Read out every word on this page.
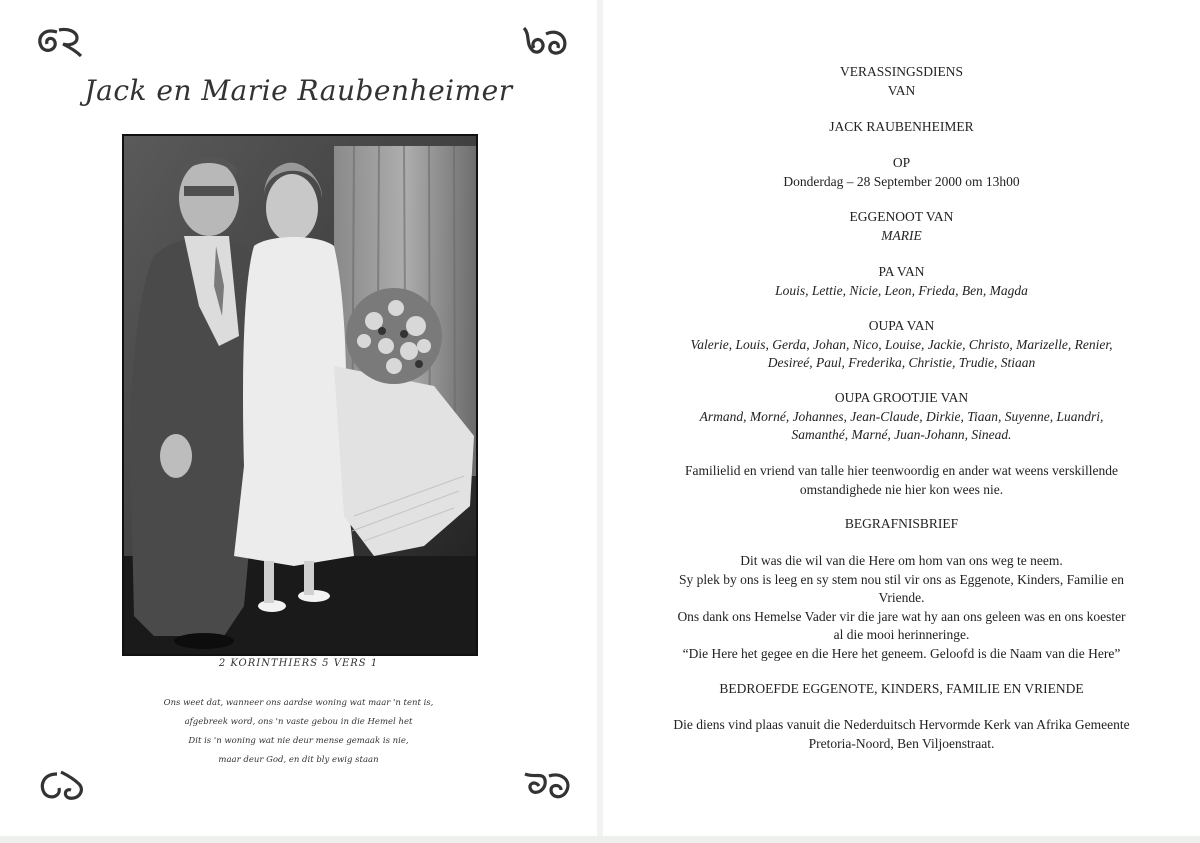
Jack en Marie Raubenheimer
2 KORINTHIERS 5 VERS 1
Ons weet dat, wanneer ons aardse woning wat maar 'n tent is,
afgebreek word, ons 'n vaste gebou in die Hemel het
Dit is 'n woning wat nie deur mense gemaak is nie,
maar deur God, en dit bly ewig staan
VERASSINGSDIENS
VAN
JACK RAUBENHEIMER
OP
Donderdag – 28 September 2000 om 13h00
EGGENOOT VAN
MARIE
PA VAN
Louis, Lettie, Nicie, Leon, Frieda, Ben, Magda
OUPA VAN
Valerie, Louis, Gerda, Johan, Nico, Louise, Jackie, Christo, Marizelle, Renier,
Desireé, Paul, Frederika, Christie, Trudie, Stiaan
OUPA GROOTJIE VAN
Armand, Morné, Johannes, Jean-Claude, Dirkie, Tiaan, Suyenne, Luandri,
Samanthé, Marné, Juan-Johann, Sinead.
Familielid en vriend van talle hier teenwoordig en ander wat weens verskillende
omstandighede nie hier kon wees nie.
BEGRAFNISBRIEF
Dit was die wil van die Here om hom van ons weg te neem.
Sy plek by ons is leeg en sy stem nou stil vir ons as Eggenote, Kinders, Familie en
Vriende.
Ons dank ons Hemelse Vader vir die jare wat hy aan ons geleen was en ons koester
al die mooi herinneringe.
“Die Here het gegee en die Here het geneem. Geloofd is die Naam van die Here”
BEDROEFDE EGGENOTE, KINDERS, FAMILIE EN VRIENDE
Die diens vind plaas vanuit die Nederduitsch Hervormde Kerk van Afrika Gemeente
Pretoria-Noord, Ben Viljoenstraat.
